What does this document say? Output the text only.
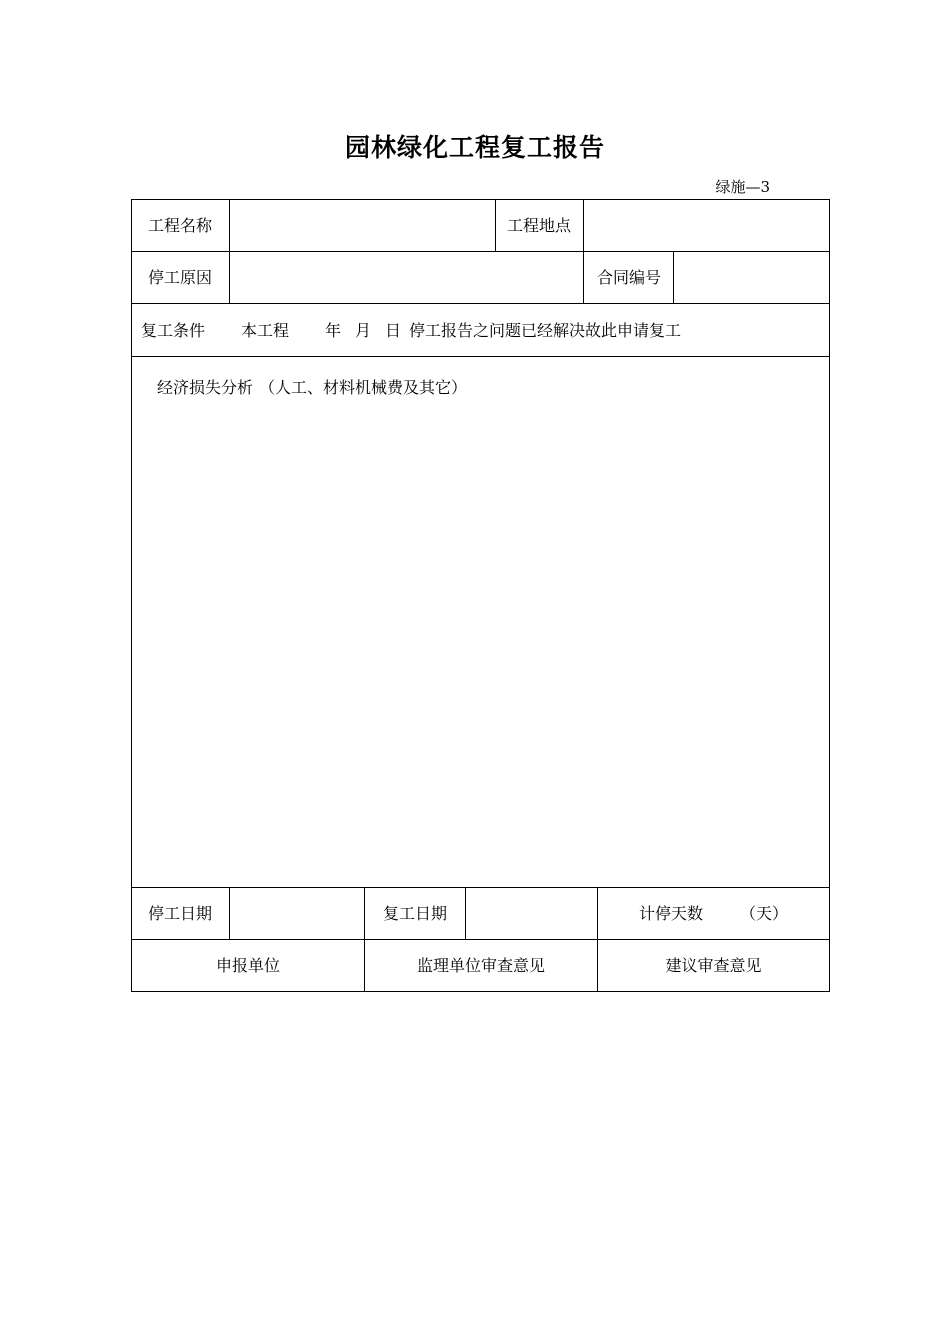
园林绿化工程复工报告
绿施—3
工程名称	工程地点
停工原因	合同编号
复工条件 本工程 年 月 日 停工报告之问题已经解决故此申请复工
经济损失分析 （人工、材料机械费及其它）
停工日期	复工日期	计停天数 （天）
申报单位	监理单位审查意见	建议审查意见
